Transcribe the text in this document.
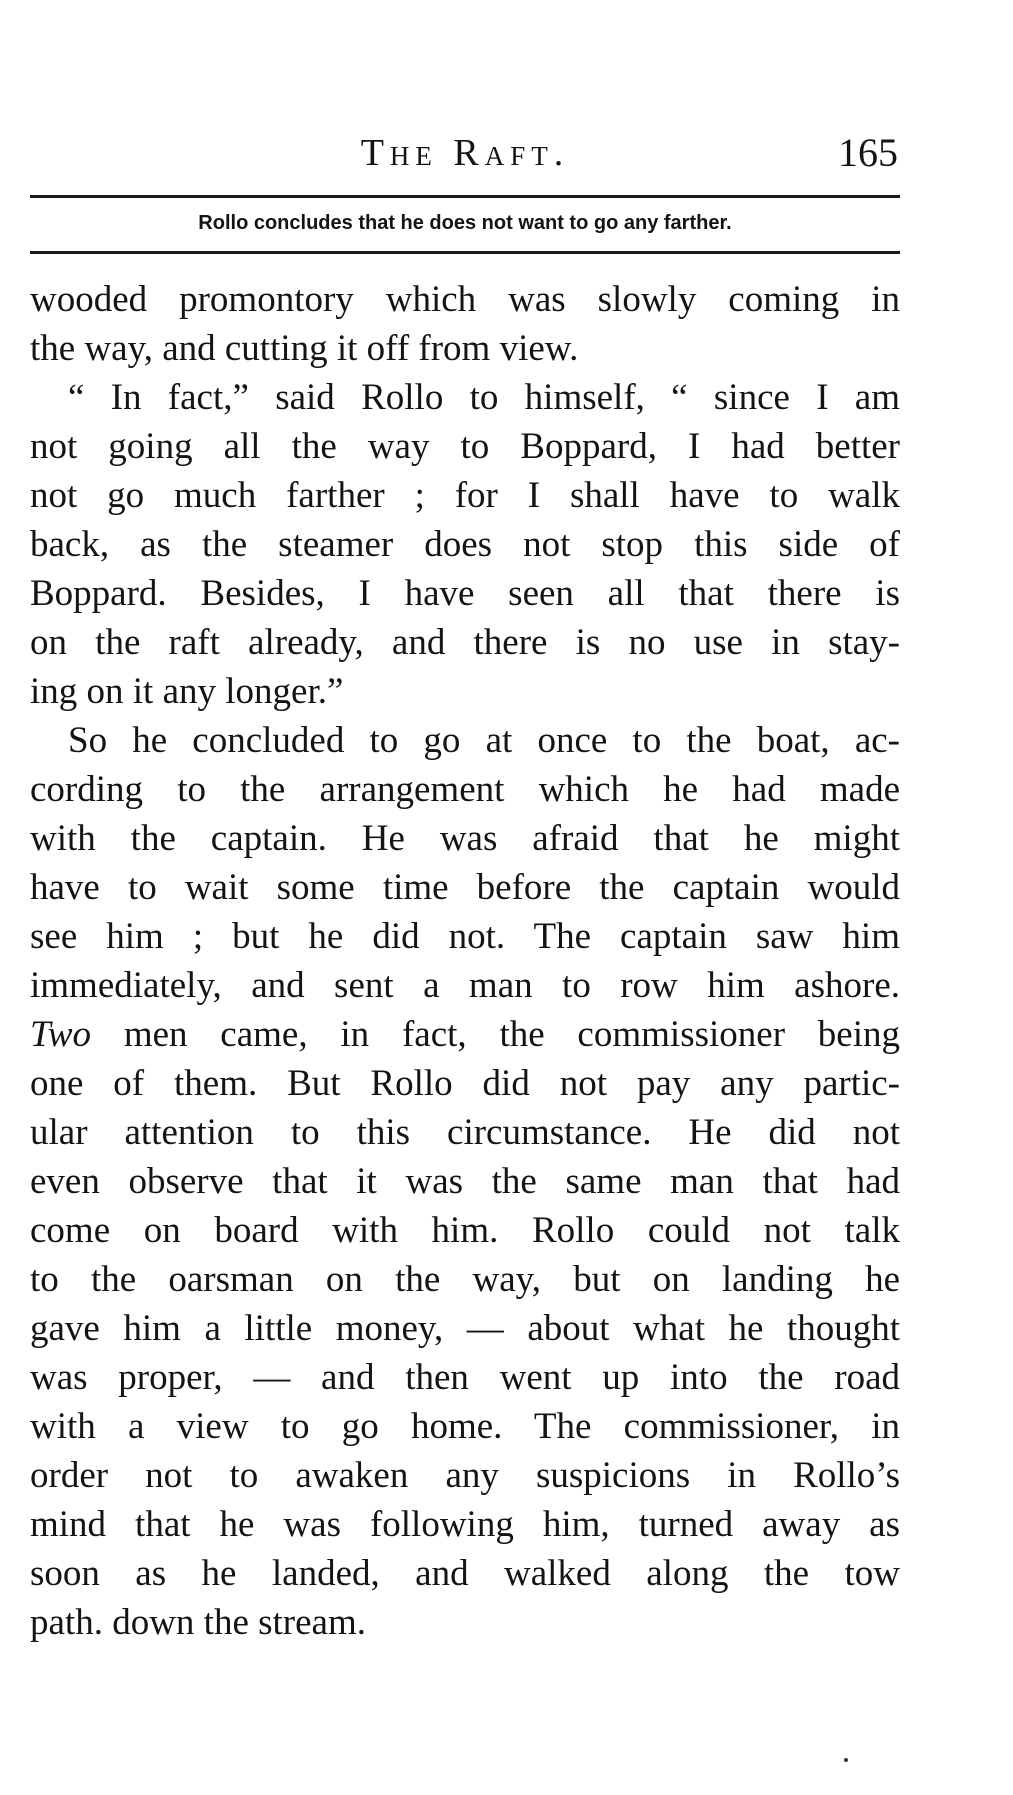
The Raft.	165
Rollo concludes that he does not want to go any farther.
wooded promontory which was slowly coming in
the way, and cutting it off from view.
“ In fact,” said Rollo to himself, “ since I am
not going all the way to Boppard, I had better
not go much farther ; for I shall have to walk
back, as the steamer does not stop this side of
Boppard. Besides, I have seen all that there is
on the raft already, and there is no use in stay-
ing on it any longer.”
So he concluded to go at once to the boat, ac-
cording to the arrangement which he had made
with the captain. He was afraid that he might
have to wait some time before the captain would
see him ; but he did not. The captain saw him
immediately, and sent a man to row him ashore.
Two men came, in fact, the commissioner being
one of them. But Rollo did not pay any partic-
ular attention to this circumstance. He did not
even observe that it was the same man that had
come on board with him. Rollo could not talk
to the oarsman on the way, but on landing he
gave him a little money, — about what he thought
was proper, — and then went up into the road
with a view to go home. The commissioner, in
order not to awaken any suspicions in Rollo’s
mind that he was following him, turned away as
soon as he landed, and walked along the tow
path. down the stream.
